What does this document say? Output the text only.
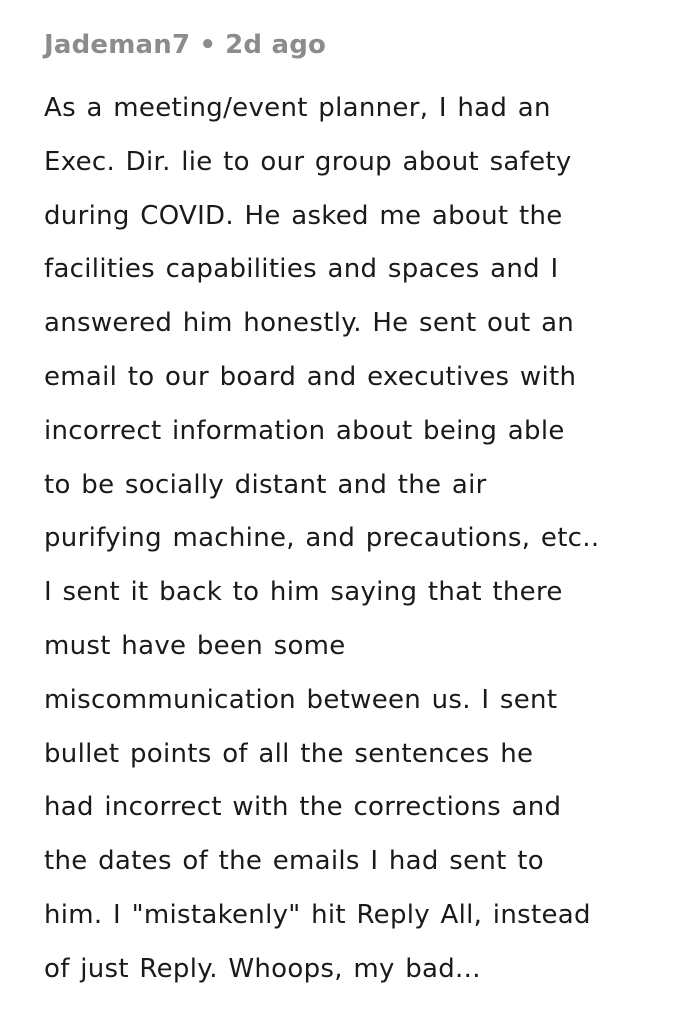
Jademan7 • 2d ago
As a meeting/event planner, I had an
Exec. Dir. lie to our group about safety
during COVID. He asked me about the
facilities capabilities and spaces and I
answered him honestly. He sent out an
email to our board and executives with
incorrect information about being able
to be socially distant and the air
purifying machine, and precautions, etc..
I sent it back to him saying that there
must have been some
miscommunication between us. I sent
bullet points of all the sentences he
had incorrect with the corrections and
the dates of the emails I had sent to
him. I "mistakenly" hit Reply All, instead
of just Reply. Whoops, my bad...
